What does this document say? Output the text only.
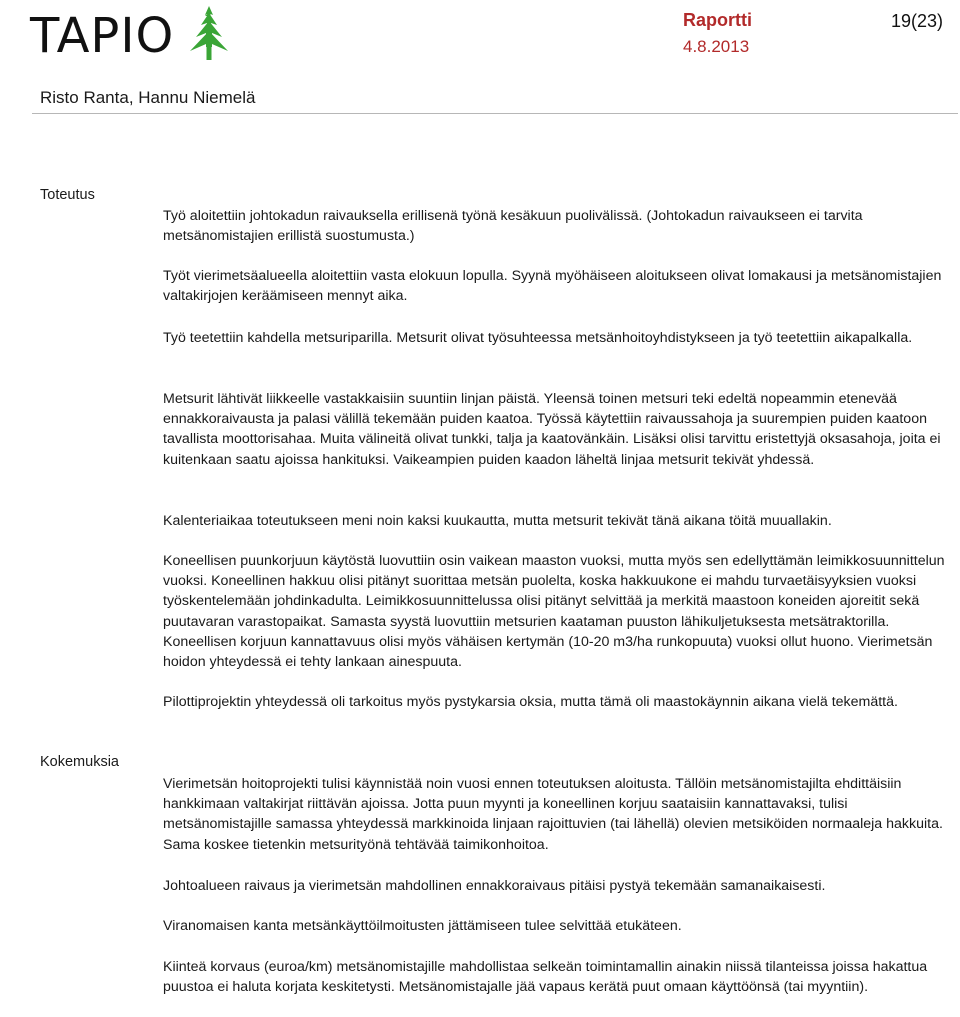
TAPIO	Raportti
4.8.2013
19(23)
Risto Ranta, Hannu Niemelä
Toteutus

Työ aloitettiin johtokadun raivauksella erillisenä työnä kesäkuun puolivälissä. (Johtokadun raivaukseen ei tarvita metsänomistajien erillistä suostumusta.)

Työt vierimetsäalueella aloitettiin vasta elokuun lopulla. Syynä myöhäiseen aloitukseen olivat lomakausi ja metsänomistajien valtakirjojen keräämiseen mennyt aika.

Työ teetettiin kahdella metsuriparilla. Metsurit olivat työsuhteessa metsänhoitoyhdistykseen ja työ teetettiin aikapalkalla.

Metsurit lähtivät liikkeelle vastakkaisiin suuntiin linjan päistä. Yleensä toinen metsuri teki edeltä nopeammin etenevää ennakkoraivausta ja palasi välillä tekemään puiden kaatoa. Työssä käytettiin raivaussahoja ja suurempien puiden kaatoon tavallista moottorisahaa. Muita välineitä olivat tunkki, talja ja kaatovänkäin. Lisäksi olisi tarvittu eristettyjä oksasahoja, joita ei kuitenkaan saatu ajoissa hankituksi. Vaikeampien puiden kaadon läheltä linjaa metsurit tekivät yhdessä.

Kalenteriaikaa toteutukseen meni noin kaksi kuukautta, mutta metsurit tekivät tänä aikana töitä muuallakin.

Koneellisen puunkorjuun käytöstä luovuttiin osin vaikean maaston vuoksi, mutta myös sen edellyttämän leimikkosuunnittelun vuoksi. Koneellinen hakkuu olisi pitänyt suorittaa metsän puolelta, koska hakkuukone ei mahdu turvaetäisyyksien vuoksi työskentelemään johdinkadulta. Leimikkosuunnittelussa olisi pitänyt selvittää ja merkitä maastoon koneiden ajoreitit sekä puutavaran varastopaikat. Samasta syystä luovuttiin metsurien kaataman puuston lähikuljetuksesta metsätraktorilla. Koneellisen korjuun kannattavuus olisi myös vähäisen kertymän (10-20 m3/ha runkopuuta) vuoksi ollut huono. Vierimetsän hoidon yhteydessä ei tehty lankaan ainespuuta.

Pilottiprojektin yhteydessä oli tarkoitus myös pystykarsia oksia, mutta tämä oli maastokäynnin aikana vielä tekemättä.

Kokemuksia

Vierimetsän hoitoprojekti tulisi käynnistää noin vuosi ennen toteutuksen aloitusta. Tällöin metsänomistajilta ehdittäisiin hankkimaan valtakirjat riittävän ajoissa. Jotta puun myynti ja koneellinen korjuu saataisiin kannattavaksi, tulisi metsänomistajille samassa yhteydessä markkinoida linjaan rajoittuvien (tai lähellä) olevien metsiköiden normaaleja hakkuita. Sama koskee tietenkin metsurityönä tehtävää taimikonhoitoa.

Johtoalueen raivaus ja vierimetsän mahdollinen ennakkoraivaus pitäisi pystyä tekemään samanaikaisesti.

Viranomaisen kanta metsänkäyttöilmoitusten jättämiseen tulee selvittää etukäteen.

Kiinteä korvaus (euroa/km) metsänomistajille mahdollistaa selkeän toimintamallin ainakin niissä tilanteissa joissa hakattua puustoa ei haluta korjata keskitetysti. Metsänomistajalle jää vapaus kerätä puut omaan käyttöönsä (tai myyntiin).
